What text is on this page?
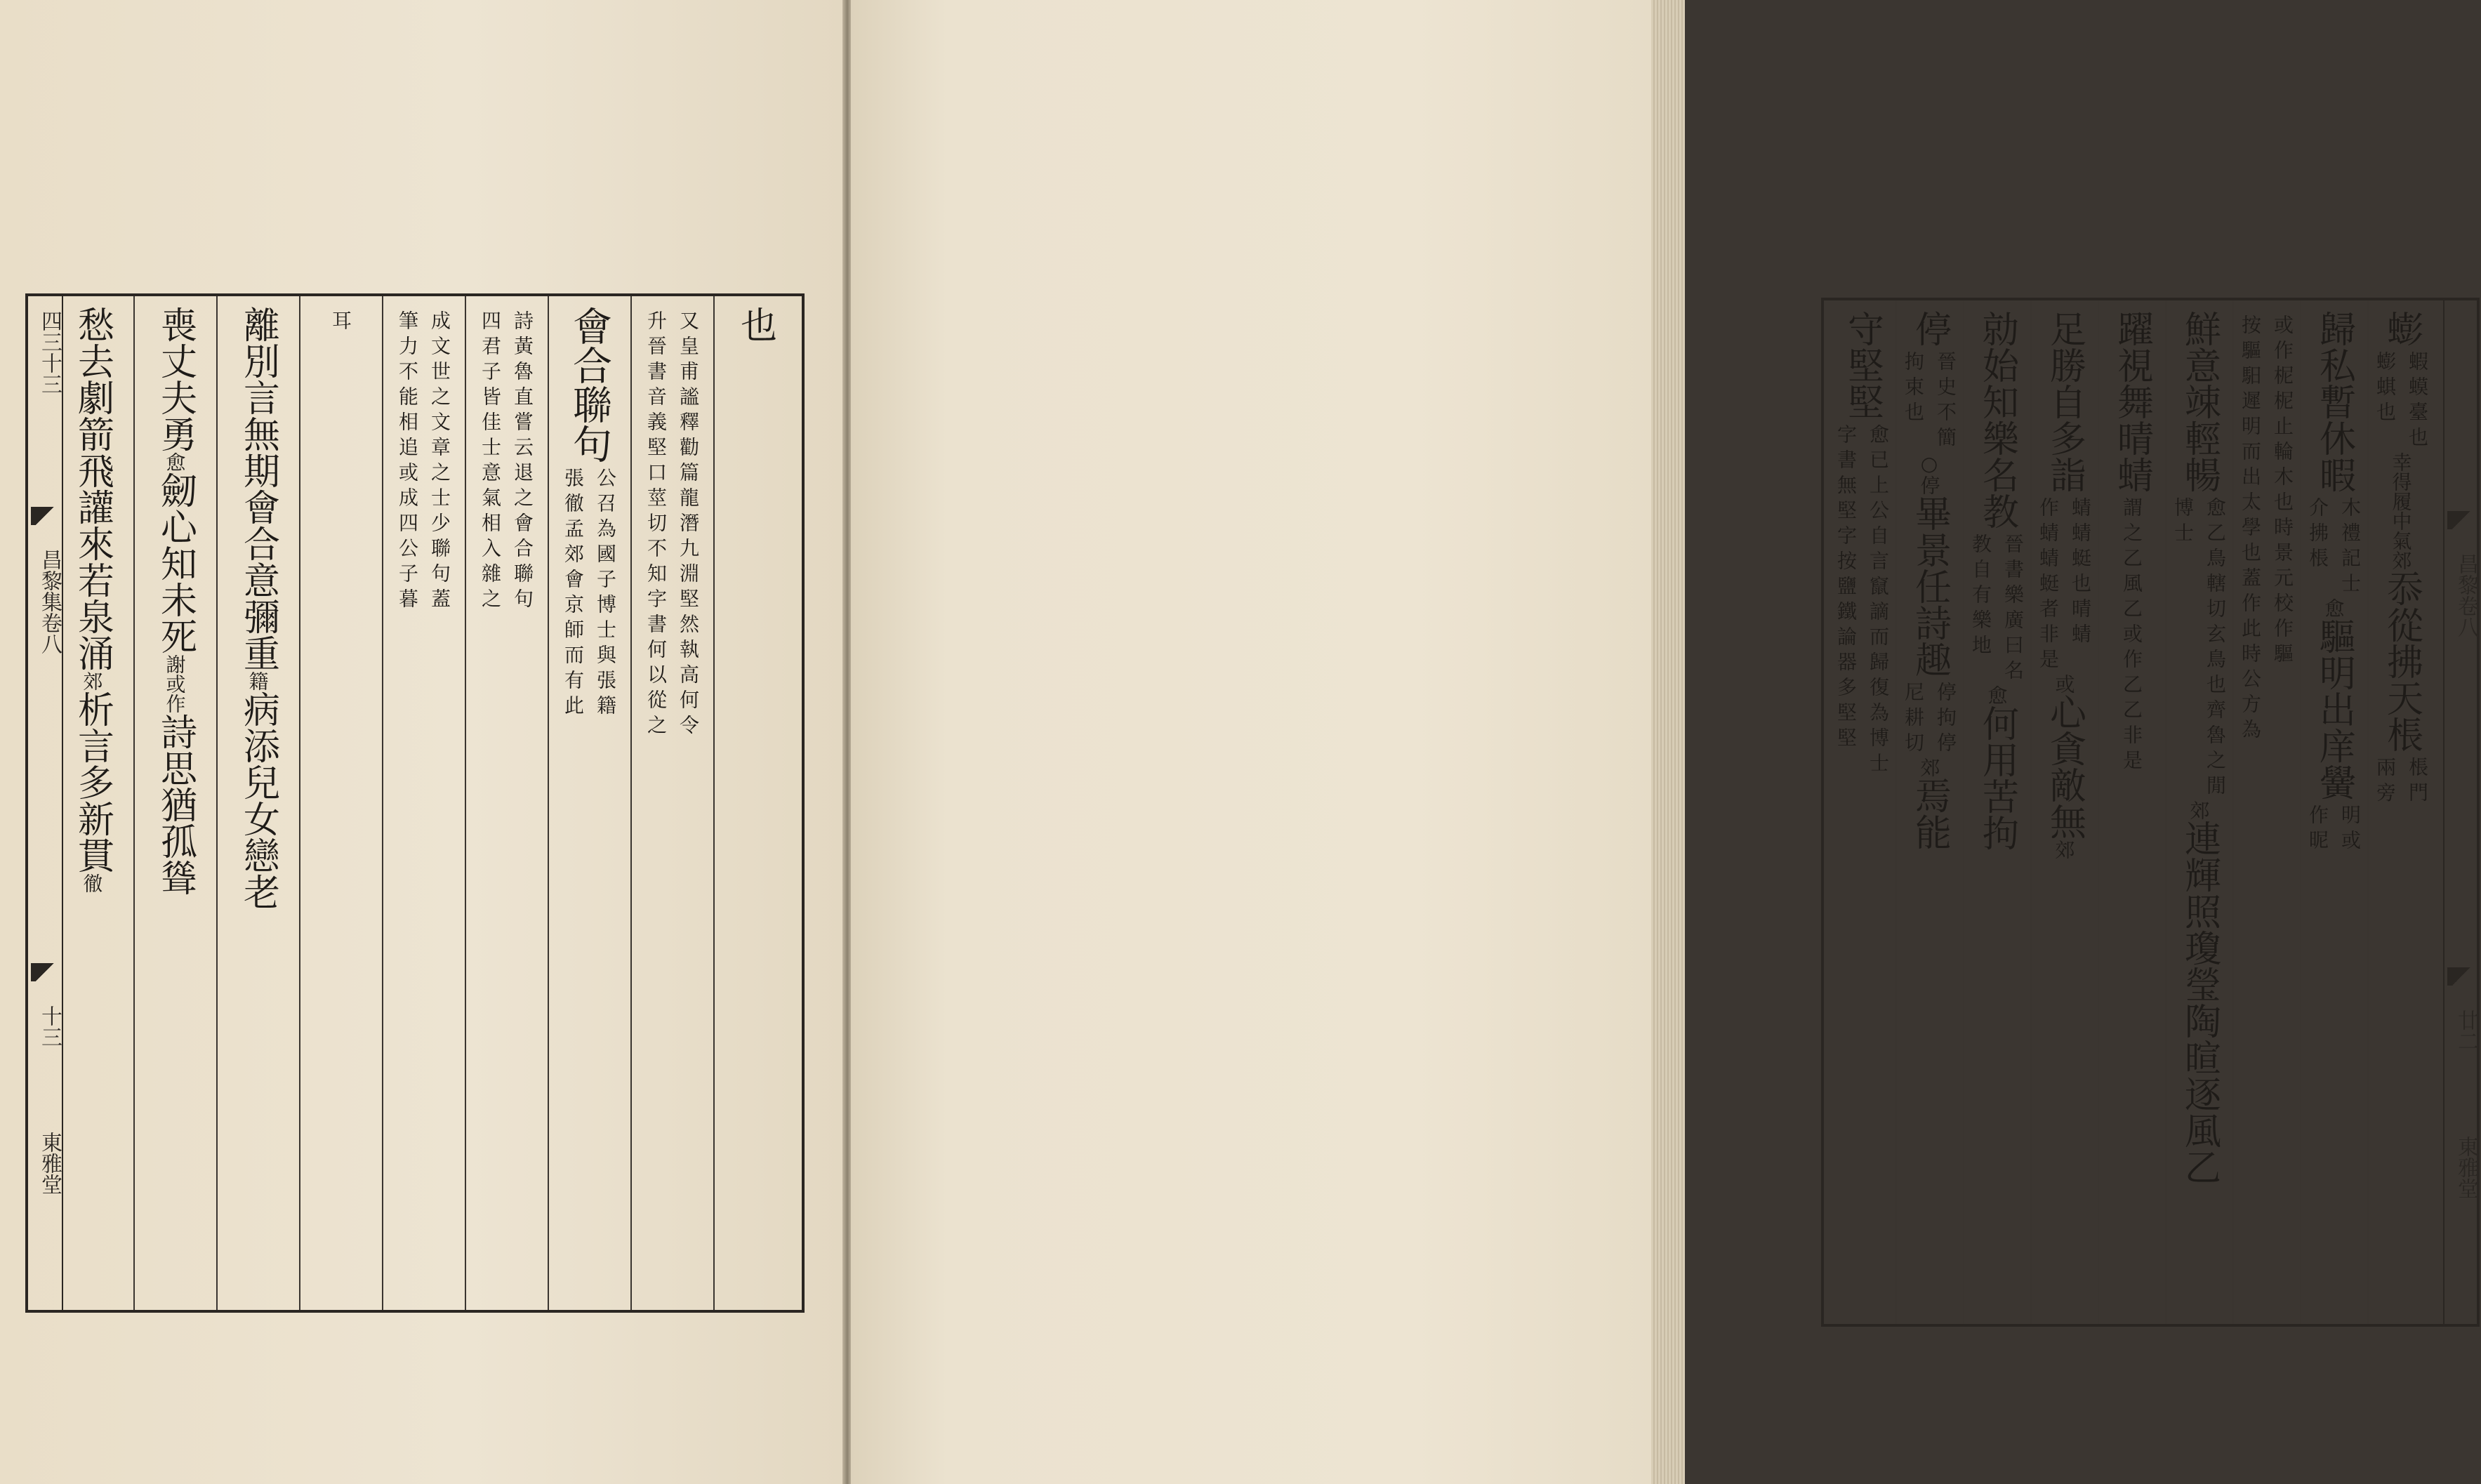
也
又皇甫謐釋勸篇龍潛九淵堅然執高何令
升晉書音義堅口莖切不知字書何以從之
會合聯句
公召為國子博士與張籍
張徹孟郊會京師而有此
詩黃魯直嘗云退之會合聯句
四君子皆佳士意氣相入雜之
成文世之文章之士少聯句蓋
筆力不能相追或成四公子暮
耳
離別言無期會合意彌重
籍
病添兒女戀老
喪丈夫勇
愈
劒心知未死
謝或作
詩思猶孤聳
愁去劇箭飛讙來若泉涌
郊
析言多新貫
徹
四三十三
昌黎集卷八
十三
東雅堂
蟛
蝦蟆臺也
蟛蜞也
幸得履中氣
郊
忝從拂天棖
棖門
兩旁
歸私暫休暇
木禮記士
介拂棖
愈
驅明出庠黌
明或
作昵
或作柅柅止輪木也時景元校作驅
按驅馹遲明而出太學也蓋作此時公方為
鮮意竦輕暢
愈乙鳥轄切玄鳥也齊魯之閒
博士
郊
連輝照瓊瑩陶暄逐風乙
躍視舞晴蜻
謂之乙風乙或作乙乙非是
足勝自多詣
蜻蜻蜓也晴蜻
作蜻蜻蜓者非是
或
心貪敵無
郊
勍始知樂名教
晉書樂廣曰名
教自有樂地
愈
何用苦拘
停
晉史不簡
拘束也
○停
畢景任詩趣
停拘停
尼耕切
郊
焉能
守堅堅
愈已上公自言竄謫而歸復為博士
字書無堅字按鹽鐵論器多堅堅	昌黎卷八
廿二
東雅堂
